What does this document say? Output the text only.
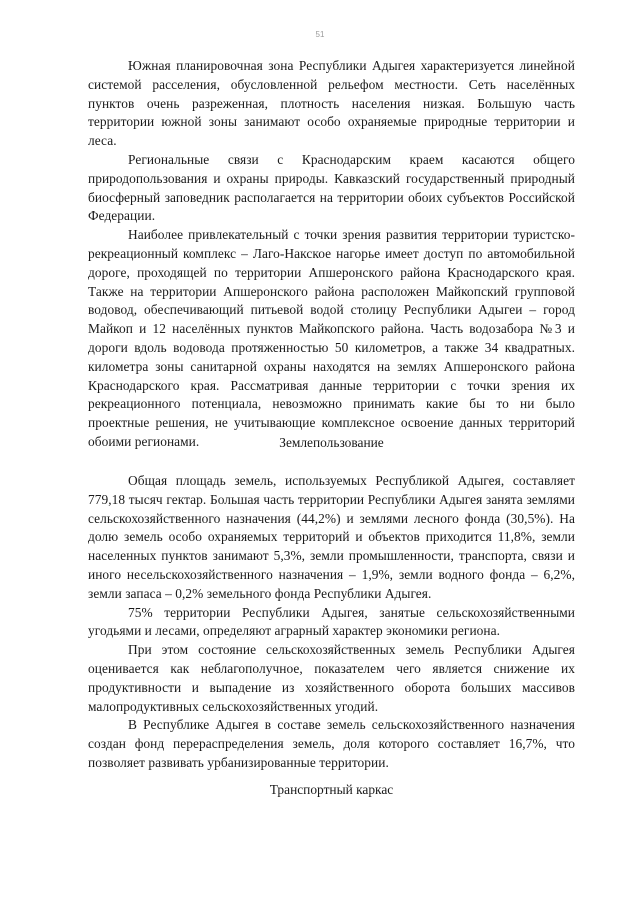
51

Южная планировочная зона Республики Адыгея характеризуется линейной системой расселения, обусловленной рельефом местности. Сеть населённых пунктов очень разреженная, плотность населения низкая. Большую часть территории южной зоны занимают особо охраняемые природные территории и леса.

Региональные связи с Краснодарским краем касаются общего природопользования и охраны природы. Кавказский государственный природный биосферный заповедник располагается на территории обоих субъектов Российской Федерации.

Наиболее привлекательный с точки зрения развития территории туристско-рекреационный комплекс – Лаго-Накское нагорье имеет доступ по автомобильной дороге, проходящей по территории Апшеронского района Краснодарского края. Также на территории Апшеронского района расположен Майкопский групповой водовод, обеспечивающий питьевой водой столицу Республики Адыгеи – город Майкоп и 12 населённых пунктов Майкопского района. Часть водозабора №3 и дороги вдоль водовода протяженностью 50 километров, а также 34 квадратных. километра зоны санитарной охраны находятся на землях Апшеронского района Краснодарского края. Рассматривая данные территории с точки зрения их рекреационного потенциала, невозможно принимать какие бы то ни было проектные решения, не учитывающие комплексное освоение данных территорий обоими регионами.	Землепользование

Общая площадь земель, используемых Республикой Адыгея, составляет 779,18 тысяч гектар. Большая часть территории Республики Адыгея занята землями сельскохозяйственного назначения (44,2%) и землями лесного фонда (30,5%). На долю земель особо охраняемых территорий и объектов приходится 11,8%, земли населенных пунктов занимают 5,3%, земли промышленности, транспорта, связи и иного несельскохозяйственного назначения – 1,9%, земли водного фонда – 6,2%, земли запаса – 0,2% земельного фонда Республики Адыгея.

75% территории Республики Адыгея, занятые сельскохозяйственными угодьями и лесами, определяют аграрный характер экономики региона.

При этом состояние сельскохозяйственных земель Республики Адыгея оценивается как неблагополучное, показателем чего является снижение их продуктивности и выпадение из хозяйственного оборота больших массивов малопродуктивных сельскохозяйственных угодий.

В Республике Адыгея в составе земель сельскохозяйственного назначения создан фонд перераспределения земель, доля которого составляет 16,7%, что позволяет развивать урбанизированные территории.

Транспортный каркас
